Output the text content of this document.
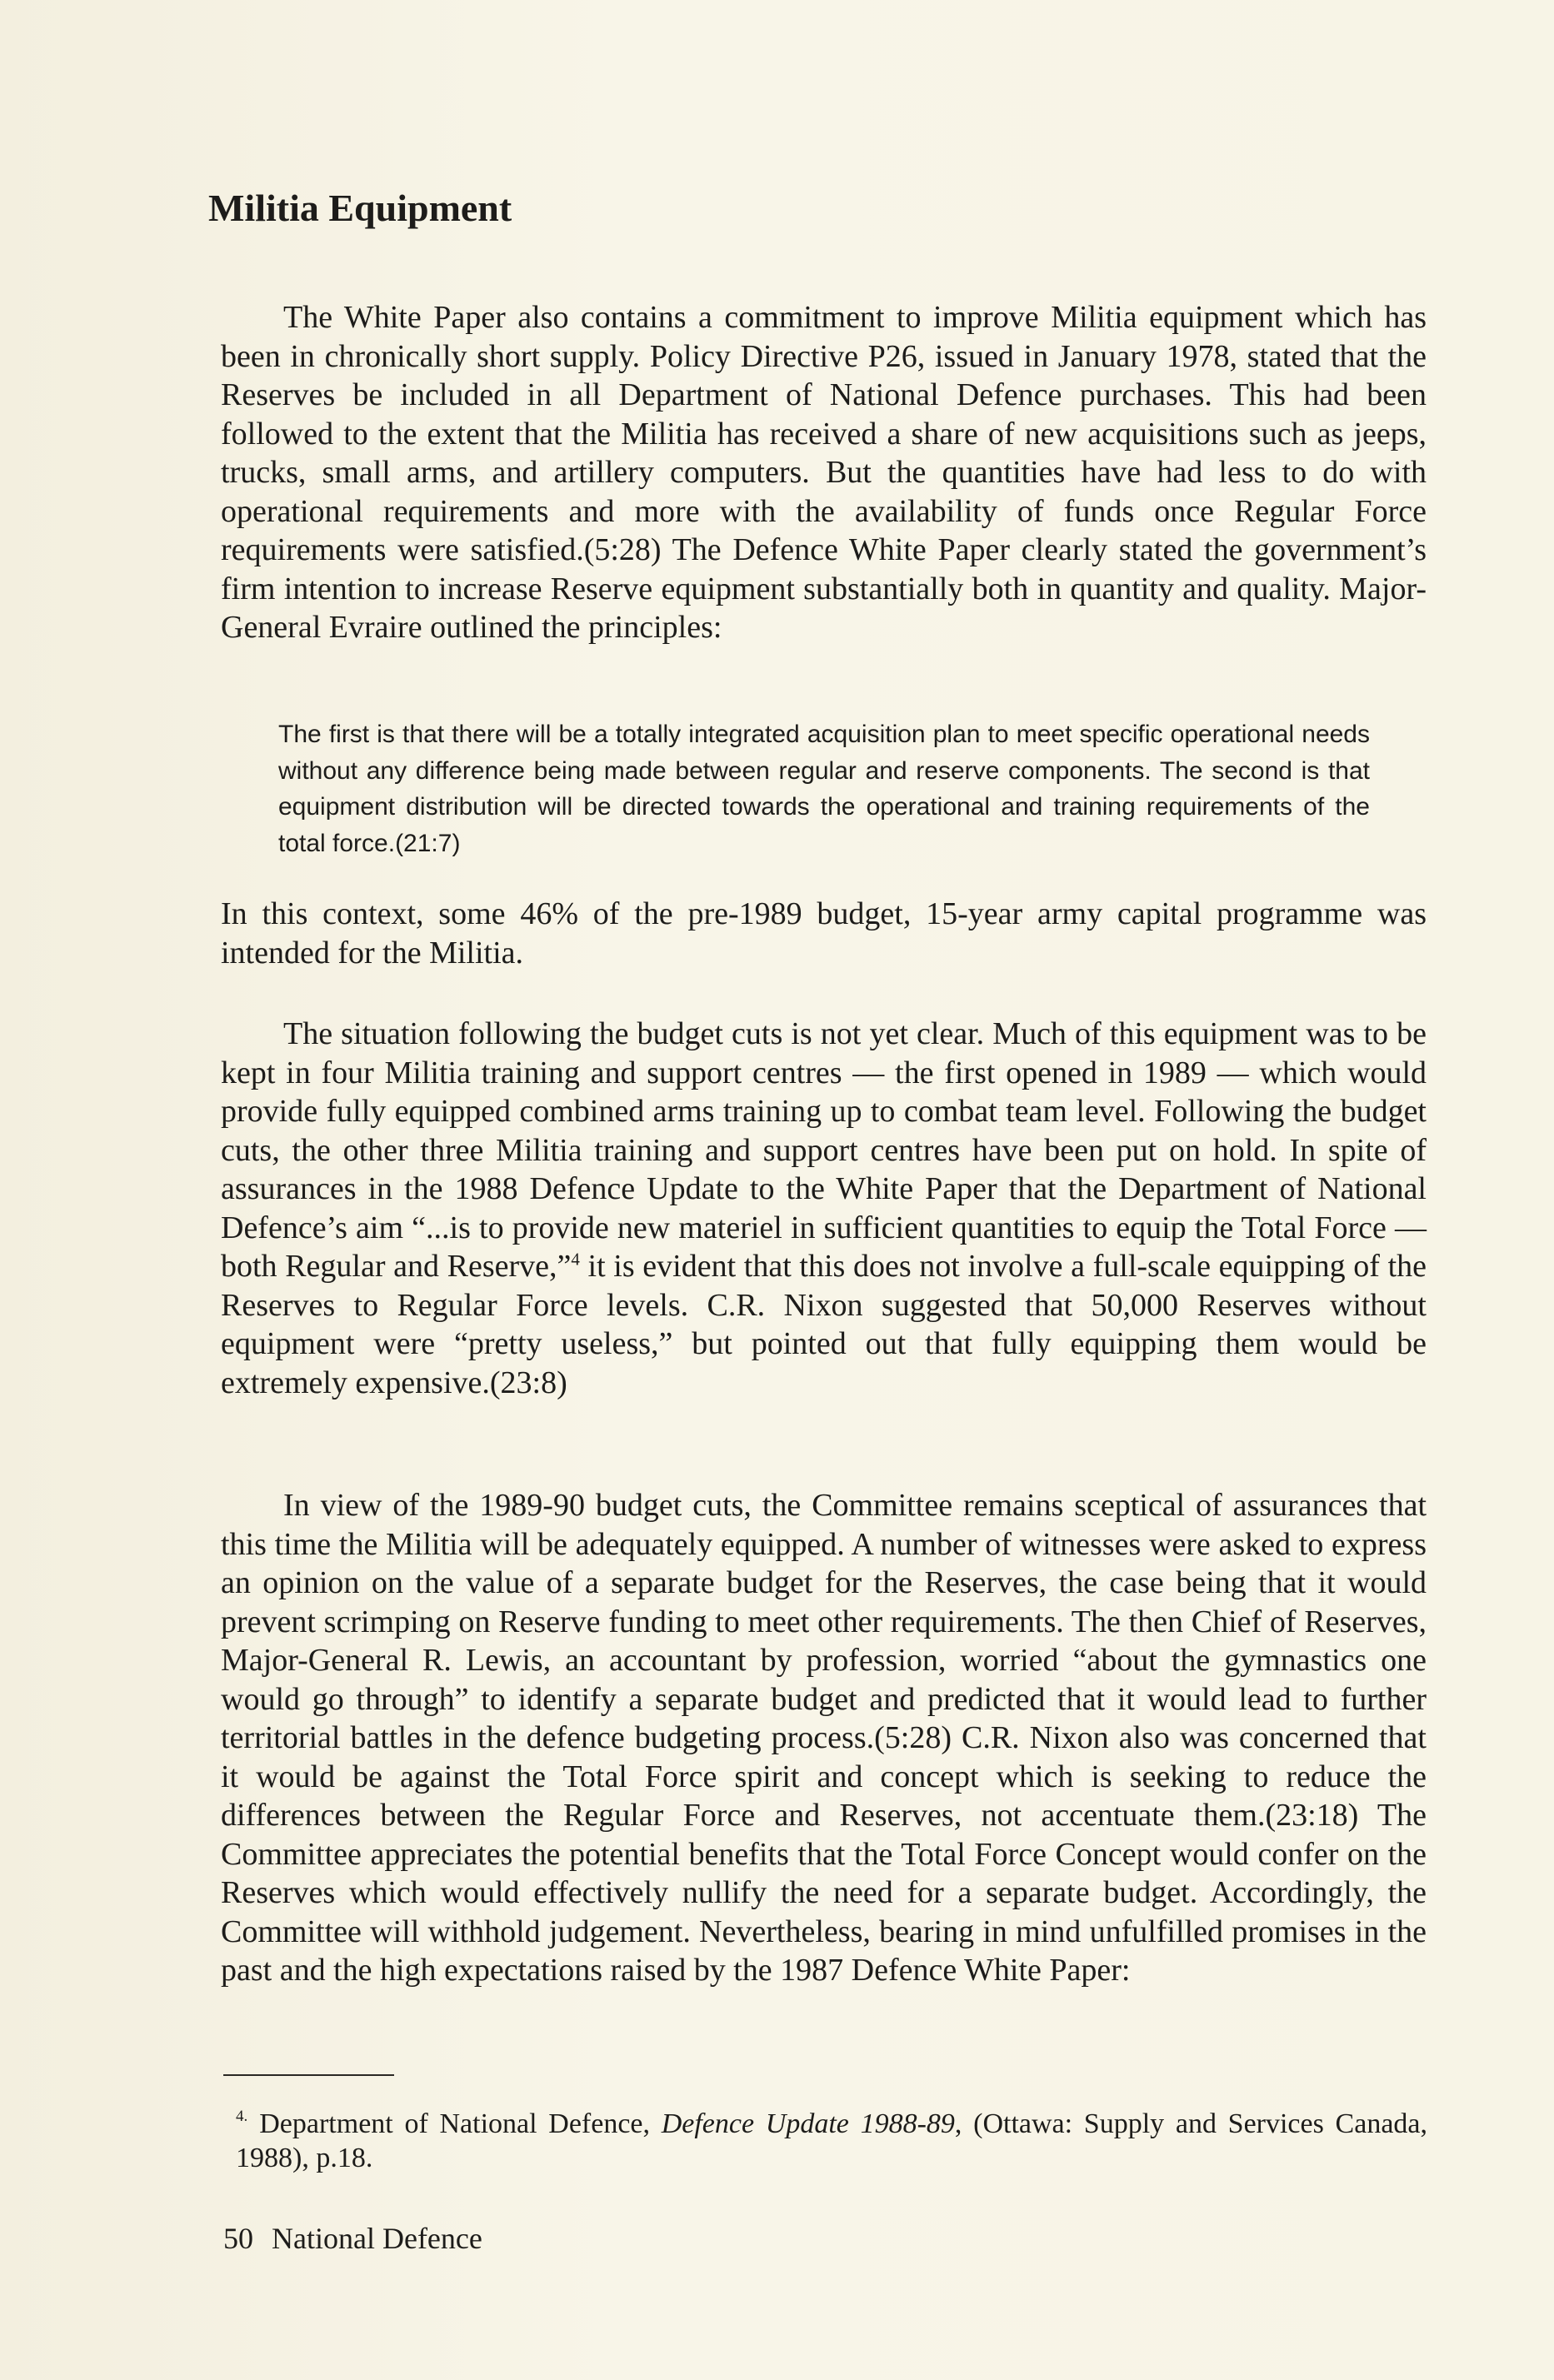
Militia Equipment

The White Paper also contains a commitment to improve Militia equipment which has been in chronically short supply. Policy Directive P26, issued in January 1978, stated that the Reserves be included in all Department of National Defence purchases. This had been followed to the extent that the Militia has received a share of new acquisitions such as jeeps, trucks, small arms, and artillery computers. But the quantities have had less to do with operational requirements and more with the availability of funds once Regular Force requirements were satisfied.(5:28) The Defence White Paper clearly stated the government’s firm intention to increase Reserve equipment substantially both in quantity and quality. Major-General Evraire outlined the principles:

The first is that there will be a totally integrated acquisition plan to meet specific operational needs without any difference being made between regular and reserve components. The second is that equipment distribution will be directed towards the operational and training requirements of the total force.(21:7)

In this context, some 46% of the pre-1989 budget, 15-year army capital programme was intended for the Militia.

The situation following the budget cuts is not yet clear. Much of this equipment was to be kept in four Militia training and support centres — the first opened in 1989 — which would provide fully equipped combined arms training up to combat team level. Following the budget cuts, the other three Militia training and support centres have been put on hold. In spite of assurances in the 1988 Defence Update to the White Paper that the Department of National Defence’s aim “...is to provide new materiel in sufficient quantities to equip the Total Force — both Regular and Reserve,”$^4$ it is evident that this does not involve a full-scale equipping of the Reserves to Regular Force levels. C.R. Nixon suggested that 50,000 Reserves without equipment were “pretty useless,” but pointed out that fully equipping them would be extremely expensive.(23:8)

In view of the 1989-90 budget cuts, the Committee remains sceptical of assurances that this time the Militia will be adequately equipped. A number of witnesses were asked to express an opinion on the value of a separate budget for the Reserves, the case being that it would prevent scrimping on Reserve funding to meet other requirements. The then Chief of Reserves, Major-General R. Lewis, an accountant by profession, worried “about the gymnastics one would go through” to identify a separate budget and predicted that it would lead to further territorial battles in the defence budgeting process.(5:28) C.R. Nixon also was concerned that it would be against the Total Force spirit and concept which is seeking to reduce the differences between the Regular Force and Reserves, not accentuate them.(23:18) The Committee appreciates the potential benefits that the Total Force Concept would confer on the Reserves which would effectively nullify the need for a separate budget. Accordingly, the Committee will withhold judgement. Nevertheless, bearing in mind unfulfilled promises in the past and the high expectations raised by the 1987 Defence White Paper:

$^{4.}$ Department of National Defence, Defence Update 1988-89, (Ottawa: Supply and Services Canada, 1988), p.18.

50 National Defence
